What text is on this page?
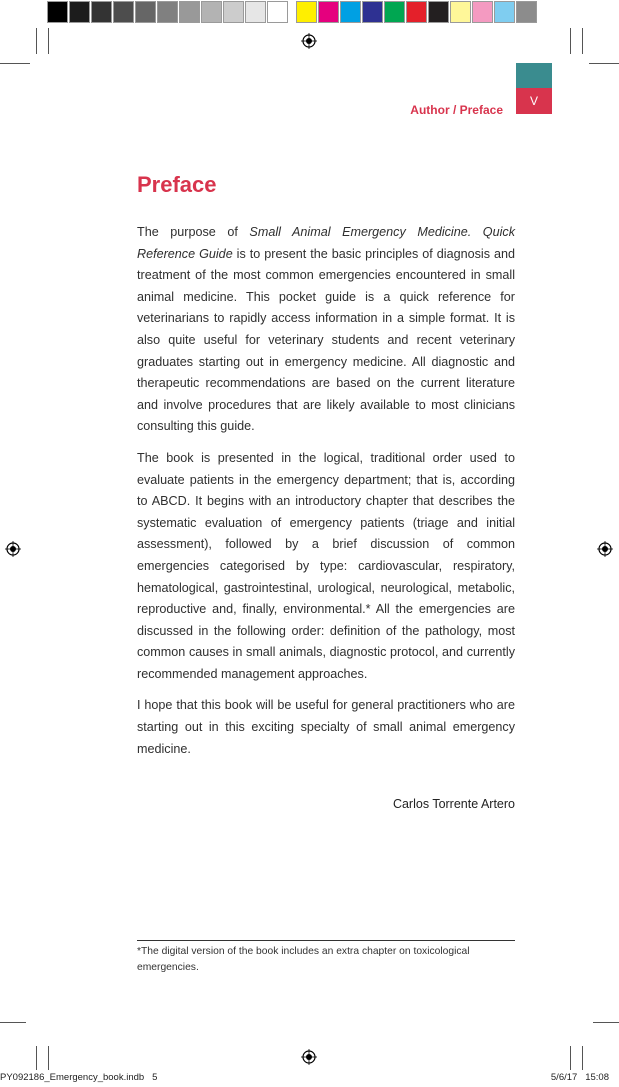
V
Author / Preface
Preface

The purpose of Small Animal Emergency Medicine. Quick Reference Guide is to present the basic principles of diagnosis and treatment of the most common emergencies encountered in small animal medicine. This pocket guide is a quick reference for veterinarians to rapidly access information in a simple format. It is also quite useful for veterinary students and recent veterinary graduates starting out in emergency medicine. All diagnostic and therapeutic recommendations are based on the current literature and involve procedures that are likely available to most clinicians consulting this guide.

The book is presented in the logical, traditional order used to evaluate patients in the emergency department; that is, according to ABCD. It begins with an introductory chapter that describes the systematic evaluation of emergency patients (triage and initial assessment), followed by a brief discussion of common emergencies categorised by type: cardiovascular, respiratory, hematological, gastrointestinal, urological, neurological, metabolic, reproductive and, finally, environmental.* All the emergencies are discussed in the following order: definition of the pathology, most common causes in small animals, diagnostic protocol, and currently recommended management approaches.

I hope that this book will be useful for general practitioners who are starting out in this exciting specialty of small animal emergency medicine.

Carlos Torrente Artero
*The digital version of the book includes an extra chapter on toxicological emergencies.
PY092186_Emergency_book.indb   5	5/6/17   15:08
